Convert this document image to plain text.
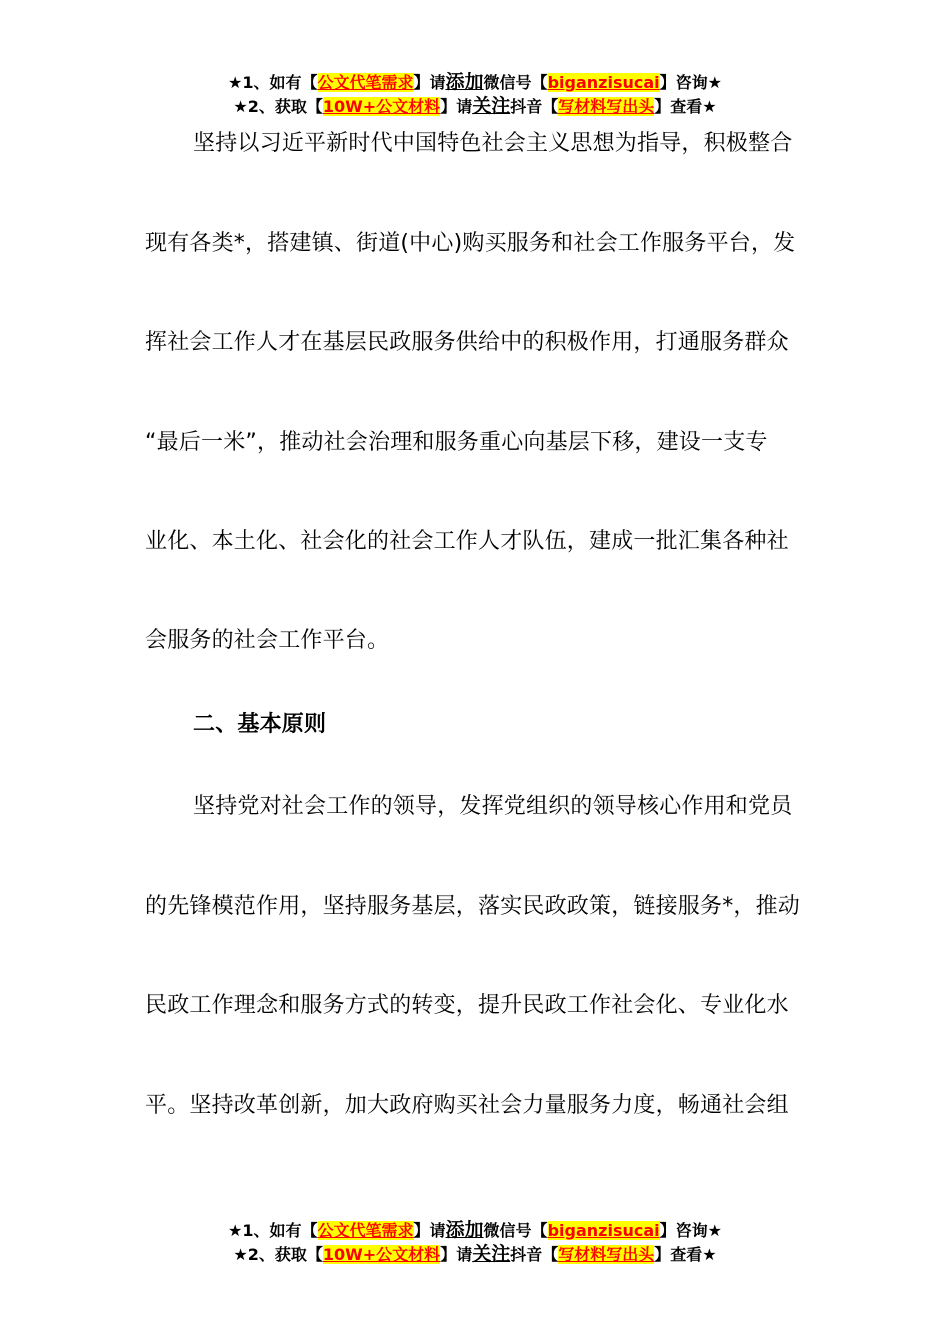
★1、如有【公文代笔需求】请添加微信号【biganzisucai】咨询★
★2、获取【10W+公文材料】请关注抖音【写材料写出头】查看★
坚持以习近平新时代中国特色社会主义思想为指导，积极整合
现有各类*，搭建镇、街道(中心)购买服务和社会工作服务平台，发
挥社会工作人才在基层民政服务供给中的积极作用，打通服务群众
“最后一米”，推动社会治理和服务重心向基层下移，建设一支专
业化、本土化、社会化的社会工作人才队伍，建成一批汇集各种社
会服务的社会工作平台。
二、基本原则
坚持党对社会工作的领导，发挥党组织的领导核心作用和党员
的先锋模范作用，坚持服务基层，落实民政政策，链接服务*，推动
民政工作理念和服务方式的转变，提升民政工作社会化、专业化水
平。坚持改革创新，加大政府购买社会力量服务力度，畅通社会组
★1、如有【公文代笔需求】请添加微信号【biganzisucai】咨询★
★2、获取【10W+公文材料】请关注抖音【写材料写出头】查看★
